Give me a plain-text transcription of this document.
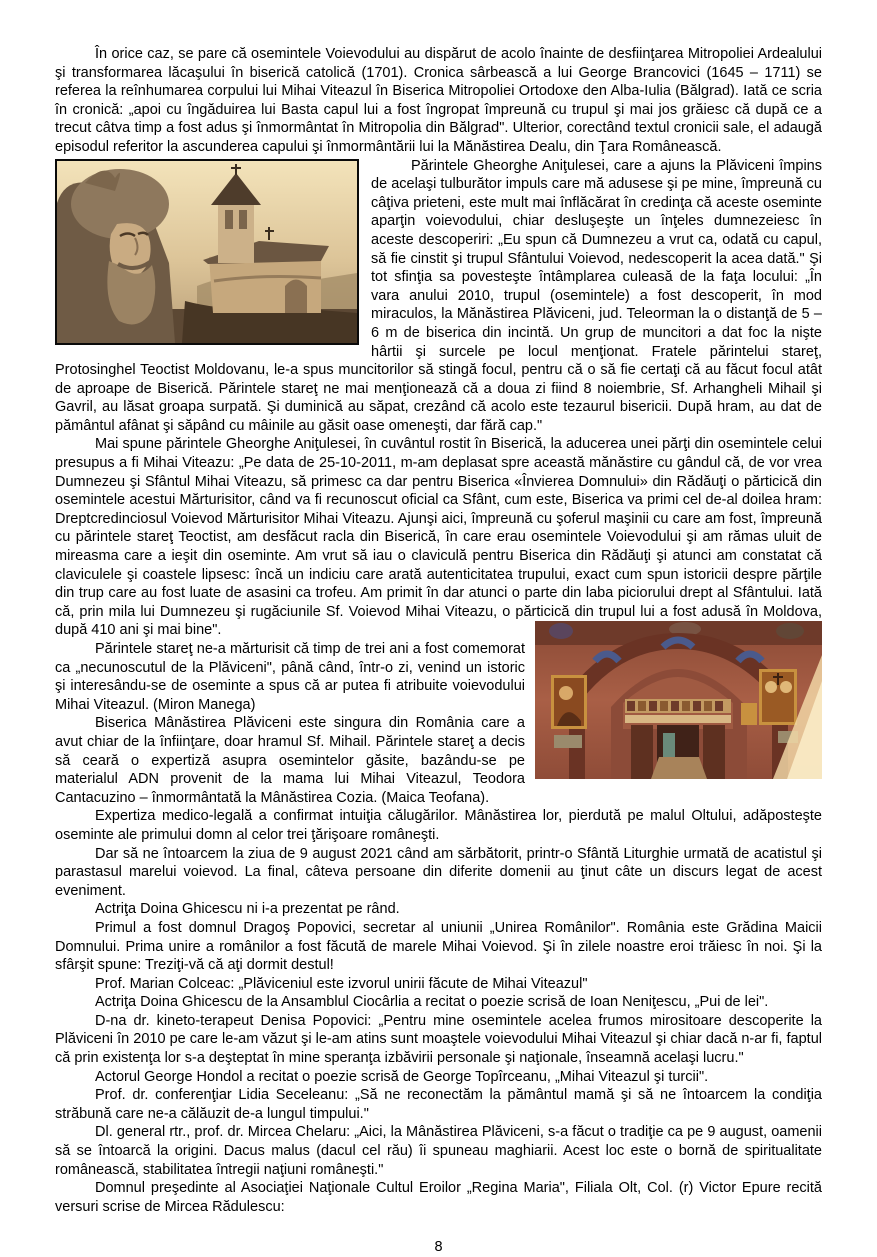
În orice caz, se pare că osemintele Voievodului au dispărut de acolo înainte de desfiinţarea Mitropoliei Ardealului şi transformarea lăcaşului în biserică catolică (1701). Cronica sârbească a lui George Brancovici (1645 – 1711) se referea la reînhumarea corpului lui Mihai Viteazul în Biserica Mitropoliei Ortodoxe den Alba-Iulia (Bălgrad). Iată ce scria în cronică: „apoi cu îngăduirea lui Basta capul lui a fost îngropat împreună cu trupul şi mai jos grăiesc că după ce a trecut câtva timp a fost adus şi înmormântat în Mitropolia din Bălgrad". Ulterior, corectând textul cronicii sale, el adaugă episodul referitor la ascunderea capului şi înmormântării lui la Mănăstirea Dealu, din Ţara Românească.

Părintele Gheorghe Aniţulesei, care a ajuns la Plăviceni împins de acelaşi tulburător impuls care mă adusese şi pe mine, împreună cu câţiva prieteni, este mult mai înflăcărat în credinţa că aceste oseminte aparţin voievodului, chiar desluşeşte un înţeles dumnezeiesc în aceste descoperiri: „Eu spun că Dumnezeu a vrut ca, odată cu capul, să fie cinstit şi trupul Sfântului Voievod, nedescoperit la acea dată." Şi tot sfinţia sa povesteşte întâmplarea culeasă de la faţa locului: „În vara anului 2010, trupul (osemintele) a fost descoperit, în mod miraculos, la Mănăstirea Plăviceni, jud. Teleorman la o distanţă de 5 – 6 m de biserica din incintă. Un grup de muncitori a dat foc la nişte hârtii şi surcele pe locul menţionat. Fratele părintelui stareţ, Protosinghel Teoctist Moldovanu, le-a spus muncitorilor să stingă focul, pentru că o să fie certaţi că au făcut focul atât de aproape de Biserică. Părintele stareţ ne mai menţionează că a doua zi fiind 8 noiembrie, Sf. Arhangheli Mihail şi Gavril, au lăsat groapa surpată. Şi duminică au săpat, crezând că acolo este tezaurul bisericii. După hram, au dat de pământul afânat şi săpând cu mâinile au găsit oase omeneşti, dar fără cap."

Mai spune părintele Gheorghe Aniţulesei, în cuvântul rostit în Biserică, la aducerea unei părţi din osemintele celui presupus a fi Mihai Viteazu: „Pe data de 25-10-2011, m-am deplasat spre această mănăstire cu gândul că, de vor vrea Dumnezeu şi Sfântul Mihai Viteazu, să primesc ca dar pentru Biserica «Învierea Domnului» din Rădăuţi o părticică din osemintele acestui Mărturisitor, când va fi recunoscut oficial ca Sfânt, cum este, Biserica va primi cel de-al doilea hram: Dreptcredinciosul Voievod Mărturisitor Mihai Viteazu. Ajunşi aici, împreună cu şoferul maşinii cu care am fost, împreună cu părintele stareţ Teoctist, am desfăcut racla din Biserică, în care erau osemintele Voievodului şi am rămas uluit de mireasma care a ieşit din oseminte. Am vrut să iau o claviculă pentru Biserica din Rădăuţi şi atunci am constatat că claviculele şi coastele lipsesc: încă un indiciu care arată autenticitatea trupului, exact cum spun istoricii despre părţile din trup care au fost luate de asasini ca trofeu. Am primit în dar atunci o parte din laba piciorului drept al Sfântului. Iată că, prin mila lui Dumnezeu şi rugăciunile Sf. Voievod Mihai Viteazu, o părticică din trupul lui a fost adusă în Moldova, după 410 ani şi mai bine".

Părintele stareţ ne-a mărturisit că timp de trei ani a fost comemorat ca „necunoscutul de la Plăviceni", până când, într-o zi, venind un istoric şi interesându-se de oseminte a spus că ar putea fi atribuite voievodului Mihai Viteazul. (Miron Manega)

Biserica Mânăstirea Plăviceni este singura din România care a avut chiar de la înfiinţare, doar hramul Sf. Mihail. Părintele stareţ a decis să ceară o expertiză asupra osemintelor găsite, bazându-se pe materialul ADN provenit de la mama lui Mihai Viteazul, Teodora Cantacuzino – înmormântată la Mânăstirea Cozia. (Maica Teofana).

Expertiza medico-legală a confirmat intuiţia călugărilor. Mânăstirea lor, pierdută pe malul Oltului, adăposteşte oseminte ale primului domn al celor trei ţărişoare româneşti.

Dar să ne întoarcem la ziua de 9 august 2021 când am sărbătorit, printr-o Sfântă Liturghie urmată de acatistul şi parastasul marelui voievod. La final, câteva persoane din diferite domenii au ţinut câte un discurs legat de acest eveniment.

Actriţa Doina Ghicescu ni i-a prezentat pe rând.

Primul a fost domnul Dragoş Popovici, secretar al uniunii „Unirea Românilor". România este Grădina Maicii Domnului. Prima unire a românilor a fost făcută de marele Mihai Voievod. Şi în zilele noastre eroi trăiesc în noi. Şi la sfârşit spune: Treziţi-vă că aţi dormit destul!

Prof. Marian Colceac: „Plăviceniul este izvorul unirii făcute de Mihai Viteazul"

Actriţa Doina Ghicescu de la Ansamblul Ciocârlia a recitat o poezie scrisă de Ioan Neniţescu, „Pui de lei".

D-na dr. kineto-terapeut Denisa Popovici: „Pentru mine osemintele acelea frumos mirositoare descoperite la Plăviceni în 2010 pe care le-am văzut şi le-am atins sunt moaştele voievodului Mihai Viteazul şi chiar dacă n-ar fi, faptul că prin existenţa lor s-a deşteptat în mine speranţa izbăvirii personale şi naţionale, înseamnă acelaşi lucru."

Actorul George Hondol a recitat o poezie scrisă de George Topîrceanu, „Mihai Viteazul şi turcii".

Prof. dr. conferenţiar Lidia Seceleanu: „Să ne reconectăm la pământul mamă şi să ne întoarcem la condiţia străbună care ne-a călăuzit de-a lungul timpului."

Dl. general rtr., prof. dr. Mircea Chelaru: „Aici, la Mânăstirea Plăviceni, s-a făcut o tradiţie ca pe 9 august, oamenii să se întoarcă la origini. Dacus malus (dacul cel rău) îi spuneau maghiarii. Acest loc este o bornă de spiritualitate românească, stabilitatea întregii naţiuni româneşti."

Domnul preşedinte al Asociaţiei Naţionale Cultul Eroilor „Regina Maria", Filiala Olt, Col. (r) Victor Epure recită versuri scrise de Mircea Rădulescu:

8
